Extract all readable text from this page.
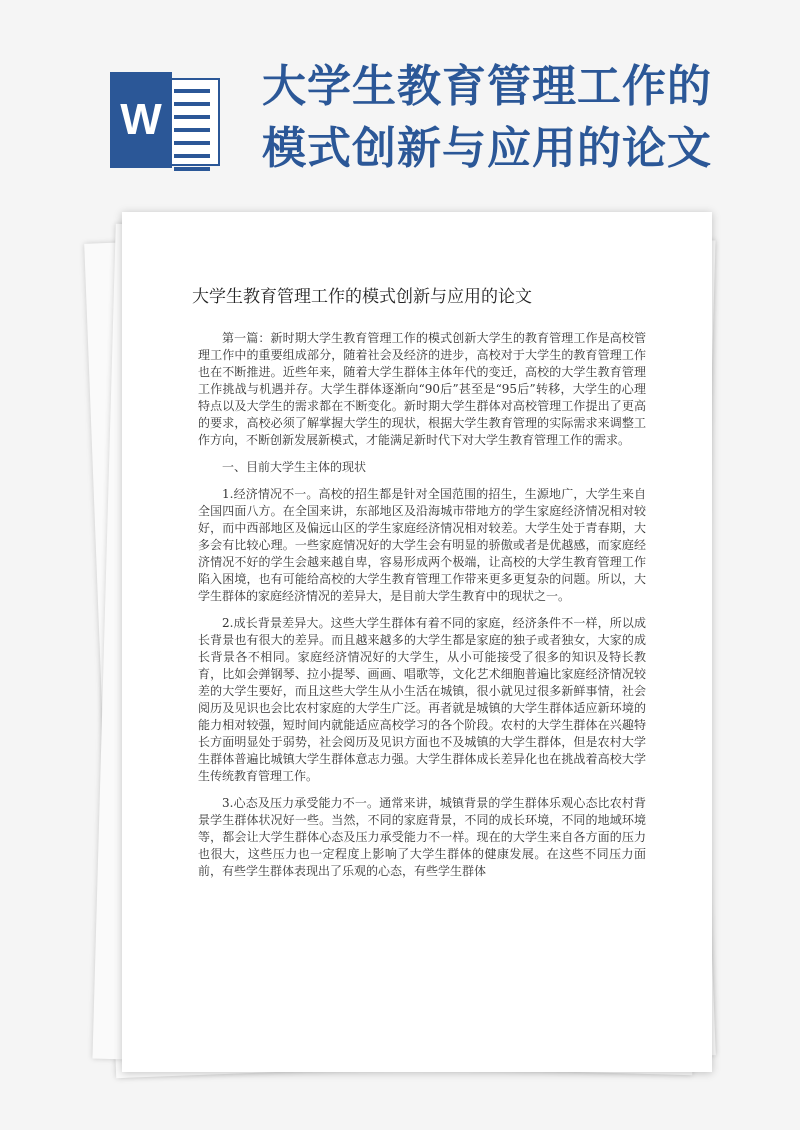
W
大学生教育管理工作的模式创新与应用的论文
大学生教育管理工作的模式创新与应用的论文

第一篇：新时期大学生教育管理工作的模式创新大学生的教育管理工作是高校管理工作中的重要组成部分，随着社会及经济的进步，高校对于大学生的教育管理工作也在不断推进。近些年来，随着大学生群体主体年代的变迁，高校的大学生教育管理工作挑战与机遇并存。大学生群体逐渐向“90后”甚至是“95后”转移，大学生的心理特点以及大学生的需求都在不断变化。新时期大学生群体对高校管理工作提出了更高的要求，高校必须了解掌握大学生的现状，根据大学生教育管理的实际需求来调整工作方向，不断创新发展新模式，才能满足新时代下对大学生教育管理工作的需求。

一、目前大学生主体的现状

1.经济情况不一。高校的招生都是针对全国范围的招生，生源地广，大学生来自全国四面八方。在全国来讲，东部地区及沿海城市带地方的学生家庭经济情况相对较好，而中西部地区及偏远山区的学生家庭经济情况相对较差。大学生处于青春期，大多会有比较心理。一些家庭情况好的大学生会有明显的骄傲或者是优越感，而家庭经济情况不好的学生会越来越自卑，容易形成两个极端，让高校的大学生教育管理工作陷入困境，也有可能给高校的大学生教育管理工作带来更多更复杂的问题。所以，大学生群体的家庭经济情况的差异大，是目前大学生教育中的现状之一。

2.成长背景差异大。这些大学生群体有着不同的家庭，经济条件不一样，所以成长背景也有很大的差异。而且越来越多的大学生都是家庭的独子或者独女，大家的成长背景各不相同。家庭经济情况好的大学生，从小可能接受了很多的知识及特长教育，比如会弹钢琴、拉小提琴、画画、唱歌等，文化艺术细胞普遍比家庭经济情况较差的大学生要好，而且这些大学生从小生活在城镇，很小就见过很多新鲜事情，社会阅历及见识也会比农村家庭的大学生广泛。再者就是城镇的大学生群体适应新环境的能力相对较强，短时间内就能适应高校学习的各个阶段。农村的大学生群体在兴趣特长方面明显处于弱势，社会阅历及见识方面也不及城镇的大学生群体，但是农村大学生群体普遍比城镇大学生群体意志力强。大学生群体成长差异化也在挑战着高校大学生传统教育管理工作。

3.心态及压力承受能力不一。通常来讲，城镇背景的学生群体乐观心态比农村背景学生群体状况好一些。当然，不同的家庭背景，不同的成长环境，不同的地域环境等，都会让大学生群体心态及压力承受能力不一样。现在的大学生来自各方面的压力也很大，这些压力也一定程度上影响了大学生群体的健康发展。在这些不同压力面前，有些学生群体表现出了乐观的心态，有些学生群体
